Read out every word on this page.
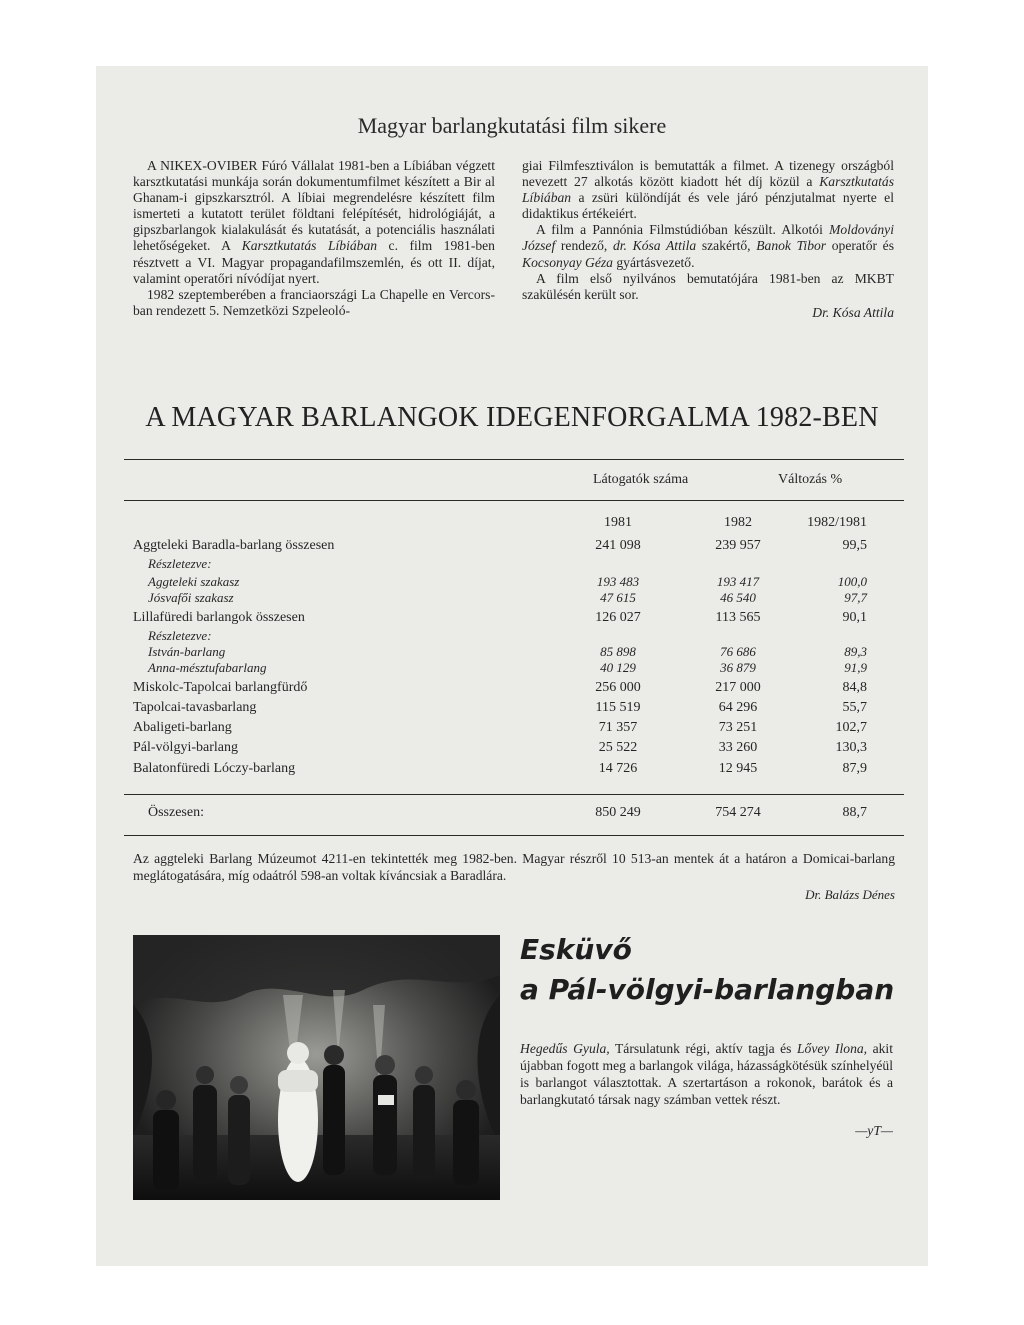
Magyar barlangkutatási film sikere

A NIKEX-OVIBER Fúró Vállalat 1981-ben a Líbiában végzett karsztkutatási munkája során dokumentumfilmet készített a Bir al Ghanam-i gipszkarsztról. A líbiai megrendelésre készített film ismerteti a kutatott terület földtani felépítését, hidrológiáját, a gipszbarlangok kialakulását és kutatását, a potenciális használati lehetőségeket. A Karsztkutatás Líbiában c. film 1981-ben résztvett a VI. Magyar propagandafilmszemlén, és ott II. díjat, valamint operatőri nívódíjat nyert.

1982 szeptemberében a franciaországi La Chapelle en Vercors-ban rendezett 5. Nemzetközi Szpeleoló-

giai Filmfesztiválon is bemutatták a filmet. A tizenegy országból nevezett 27 alkotás között kiadott hét díj közül a Karsztkutatás Líbiában a zsüri különdíját és vele járó pénzjutalmat nyerte el didaktikus értékeiért.

A film a Pannónia Filmstúdióban készült. Alkotói Moldoványi József rendező, dr. Kósa Attila szakértő, Banok Tibor operatőr és Kocsonyay Géza gyártásvezető.

A film első nyilvános bemutatójára 1981-ben az MKBT szakülésén került sor.

Dr. Kósa Attila

A MAGYAR BARLANGOK IDEGENFORGALMA 1982-BEN
Látogatók száma	Változás %
1981	1982	1982/1981
Aggteleki Baradla-barlang összesen	241 098	239 957	99,5
Részletezve:
Aggteleki szakasz	193 483	193 417	100,0
Jósvafői szakasz	47 615	46 540	97,7
Lillafüredi barlangok összesen	126 027	113 565	90,1
Részletezve:
István-barlang	85 898	76 686	89,3
Anna-mésztufabarlang	40 129	36 879	91,9
Miskolc-Tapolcai barlangfürdő	256 000	217 000	84,8
Tapolcai-tavasbarlang	115 519	64 296	55,7
Abaligeti-barlang	71 357	73 251	102,7
Pál-völgyi-barlang	25 522	33 260	130,3
Balatonfüredi Lóczy-barlang	14 726	12 945	87,9
Összesen:	850 249	754 274	88,7
Az aggteleki Barlang Múzeumot 4211-en tekintették meg 1982-ben. Magyar részről 10 513-an mentek át a határon a Domicai-barlang meglátogatására, míg odaátról 598-an voltak kíváncsiak a Baradlára.
Dr. Balázs Dénes
Esküvő
a Pál-völgyi-barlangban

Hegedűs Gyula, Társulatunk régi, aktív tagja és Lővey Ilona, akit újabban fogott meg a barlangok világa, házasságkötésük színhelyéül is barlangot választottak. A szertartáson a rokonok, barátok és a barlangkutató társak nagy számban vettek részt.

—yT—
